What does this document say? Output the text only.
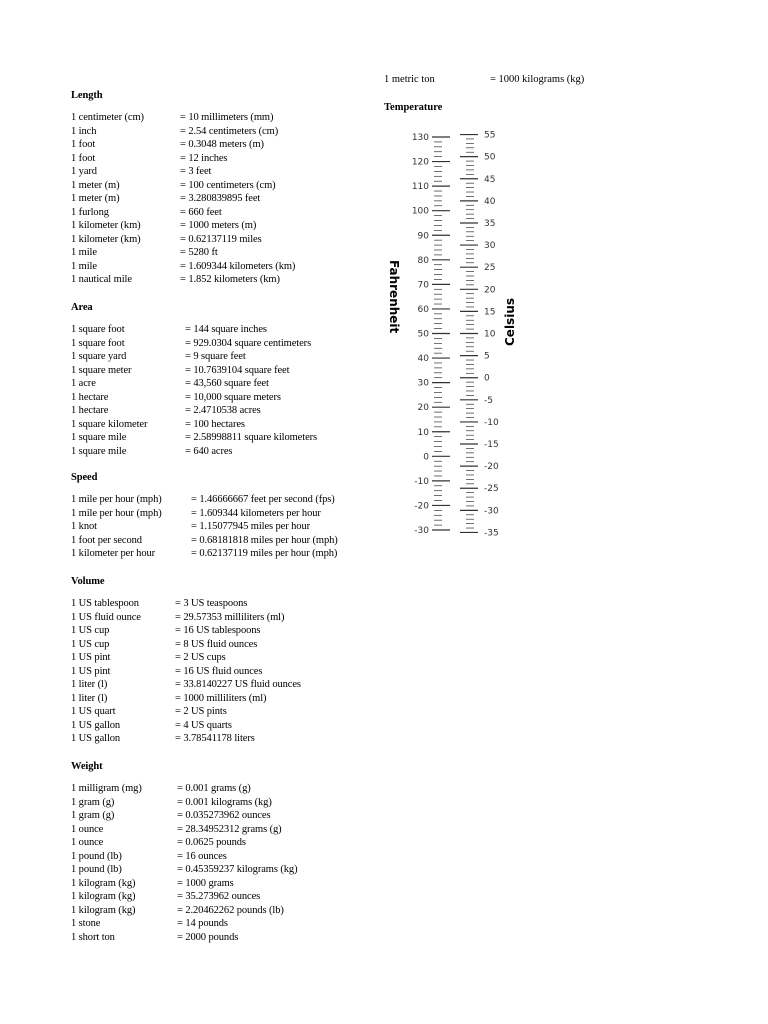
Length
1 centimeter (cm)	= 10 millimeters (mm)
1 inch	= 2.54 centimeters (cm)
1 foot	= 0.3048 meters (m)
1 foot	= 12 inches
1 yard	= 3 feet
1 meter (m)	= 100 centimeters (cm)
1 meter (m)	= 3.280839895 feet
1 furlong	= 660 feet
1 kilometer (km)	= 1000 meters (m)
1 kilometer (km)	= 0.62137119 miles
1 mile	= 5280 ft
1 mile	= 1.609344 kilometers (km)
1 nautical mile	= 1.852 kilometers (km)
Area
1 square foot	= 144 square inches
1 square foot	= 929.0304 square centimeters
1 square yard	= 9 square feet
1 square meter	= 10.7639104 square feet
1 acre	= 43,560 square feet
1 hectare	= 10,000 square meters
1 hectare	= 2.4710538 acres
1 square kilometer	= 100 hectares
1 square mile	= 2.58998811 square kilometers
1 square mile	= 640 acres
Speed
1 mile per hour (mph)	= 1.46666667 feet per second (fps)
1 mile per hour (mph)	= 1.609344 kilometers per hour
1 knot	= 1.15077945 miles per hour
1 foot per second	= 0.68181818 miles per hour (mph)
1 kilometer per hour	= 0.62137119 miles per hour (mph)
Volume
1 US tablespoon	= 3 US teaspoons
1 US fluid ounce	= 29.57353 milliliters (ml)
1 US cup	= 16 US tablespoons
1 US cup	= 8 US fluid ounces
1 US pint	= 2 US cups
1 US pint	= 16 US fluid ounces
1 liter (l)	= 33.8140227 US fluid ounces
1 liter (l)	= 1000 milliliters (ml)
1 US quart	= 2 US pints
1 US gallon	= 4 US quarts
1 US gallon	= 3.78541178 liters
Weight
1 milligram (mg)	= 0.001 grams (g)
1 gram (g)	= 0.001 kilograms (kg)
1 gram (g)	= 0.035273962 ounces
1 ounce	= 28.34952312 grams (g)
1 ounce	= 0.0625 pounds
1 pound (lb)	= 16 ounces
1 pound (lb)	= 0.45359237 kilograms (kg)
1 kilogram (kg)	= 1000 grams
1 kilogram (kg)	= 35.273962 ounces
1 kilogram (kg)	= 2.20462262 pounds (lb)
1 stone	= 14 pounds
1 short ton	= 2000 pounds
1 metric ton	= 1000 kilograms (kg)
Temperature
130
120
110
100
90
80
70
60
50
40
30
20
10
0
-10
-20
-30
55
50
45
40
35
30
25
20
15
10
5
0
-5
-10
-15
-20
-25
-30
-35
Fahrenheit	Celsius
